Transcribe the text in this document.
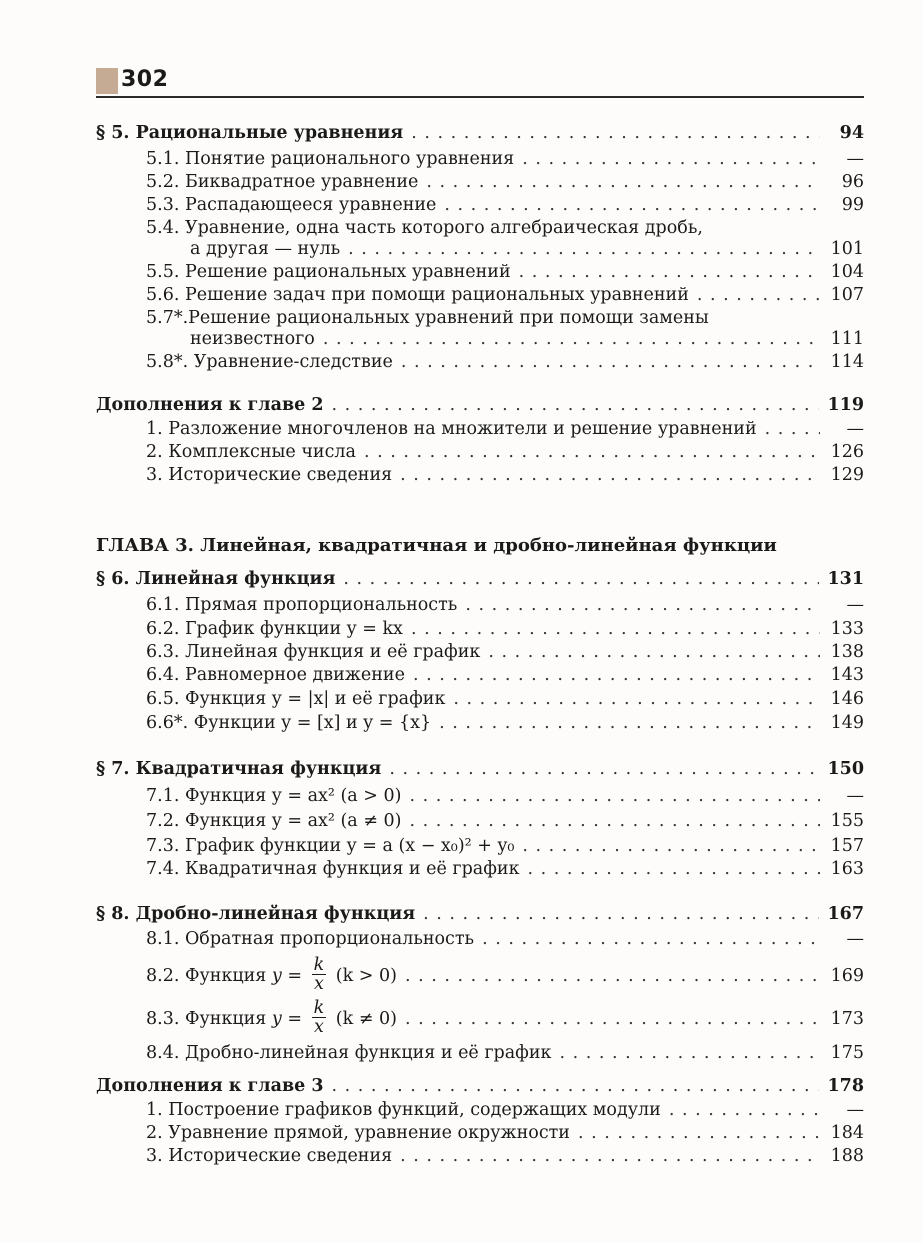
302
§ 5. Рациональные уравнения . . .	94
5.1. Понятие рационального уравнения . . .	—
5.2. Биквадратное уравнение . . .	96
5.3. Распадающееся уравнение . . .	99
5.4. Уравнение, одна часть которого алгебраическая дробь,
а другая — нуль . . .	101
5.5. Решение рациональных уравнений . . .	104
5.6. Решение задач при помощи рациональных уравнений . . .	107
5.7*.Решение рациональных уравнений при помощи замены
неизвестного . . .	111
5.8*. Уравнение-следствие . . .	114
Дополнения к главе 2 . . .	119
1. Разложение многочленов на множители и решение уравнений . . .	—
2. Комплексные числа . . .	126
3. Исторические сведения . . .	129
ГЛАВА 3. Линейная, квадратичная и дробно-линейная функции
§ 6. Линейная функция . . .	131
6.1. Прямая пропорциональность . . .	—
6.2. График функции y = kx . . .	133
6.3. Линейная функция и её график . . .	138
6.4. Равномерное движение . . .	143
6.5. Функция y = |x| и её график . . .	146
6.6*. Функции y = [x] и y = {x} . . .	149
§ 7. Квадратичная функция . . .	150
7.1. Функция y = ax² (a > 0) . . .	—
7.2. Функция y = ax² (a ≠ 0) . . .	155
7.3. График функции y = a (x − x₀)² + y₀ . . .	157
7.4. Квадратичная функция и её график . . .	163
§ 8. Дробно-линейная функция . . .	167
8.1. Обратная пропорциональность . . .	—
8.2. Функция $y = \frac{k}{x} (k > 0)$ . . .	169
8.3. Функция $y = \frac{k}{x} (k \ne 0)$ . . .	173
8.4. Дробно-линейная функция и её график . . .	175
Дополнения к главе 3 . . .	178
1. Построение графиков функций, содержащих модули . . .	—
2. Уравнение прямой, уравнение окружности . . .	184
3. Исторические сведения . . .	188
